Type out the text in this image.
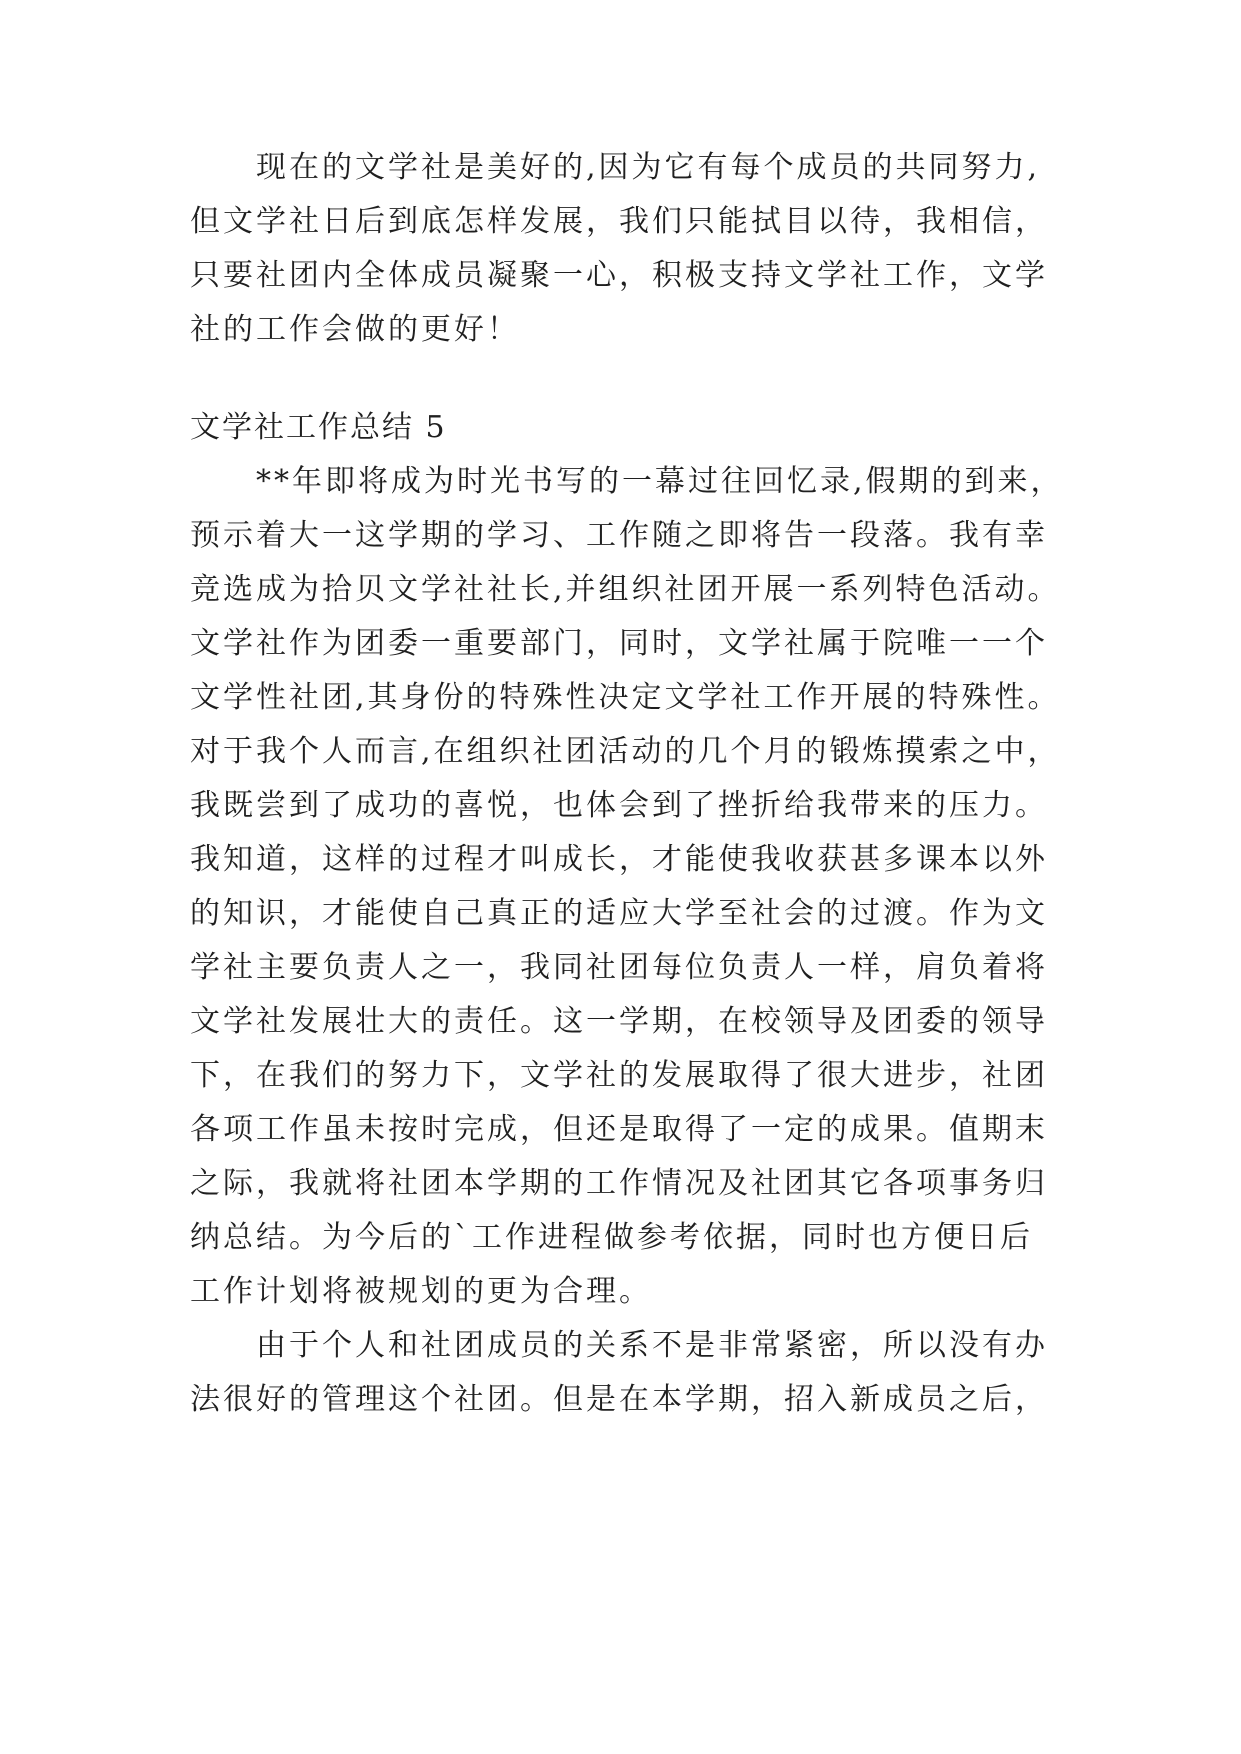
现在的文学社是美好的,因为它有每个成员的共同努力,
但文学社日后到底怎样发展，我们只能拭目以待，我相信，
只要社团内全体成员凝聚一心，积极支持文学社工作，文学
社的工作会做的更好！
文学社工作总结 5
**年即将成为时光书写的一幕过往回忆录,假期的到来，
预示着大一这学期的学习、工作随之即将告一段落。我有幸
竞选成为拾贝文学社社长,并组织社团开展一系列特色活动。
文学社作为团委一重要部门，同时，文学社属于院唯一一个
文学性社团,其身份的特殊性决定文学社工作开展的特殊性。
对于我个人而言,在组织社团活动的几个月的锻炼摸索之中，
我既尝到了成功的喜悦，也体会到了挫折给我带来的压力。
我知道，这样的过程才叫成长，才能使我收获甚多课本以外
的知识，才能使自己真正的适应大学至社会的过渡。作为文
学社主要负责人之一，我同社团每位负责人一样，肩负着将
文学社发展壮大的责任。这一学期，在校领导及团委的领导
下，在我们的努力下，文学社的发展取得了很大进步，社团
各项工作虽未按时完成，但还是取得了一定的成果。值期末
之际，我就将社团本学期的工作情况及社团其它各项事务归
纳总结。为今后的`工作进程做参考依据，同时也方便日后
工作计划将被规划的更为合理。
由于个人和社团成员的关系不是非常紧密，所以没有办
法很好的管理这个社团。但是在本学期，招入新成员之后，
